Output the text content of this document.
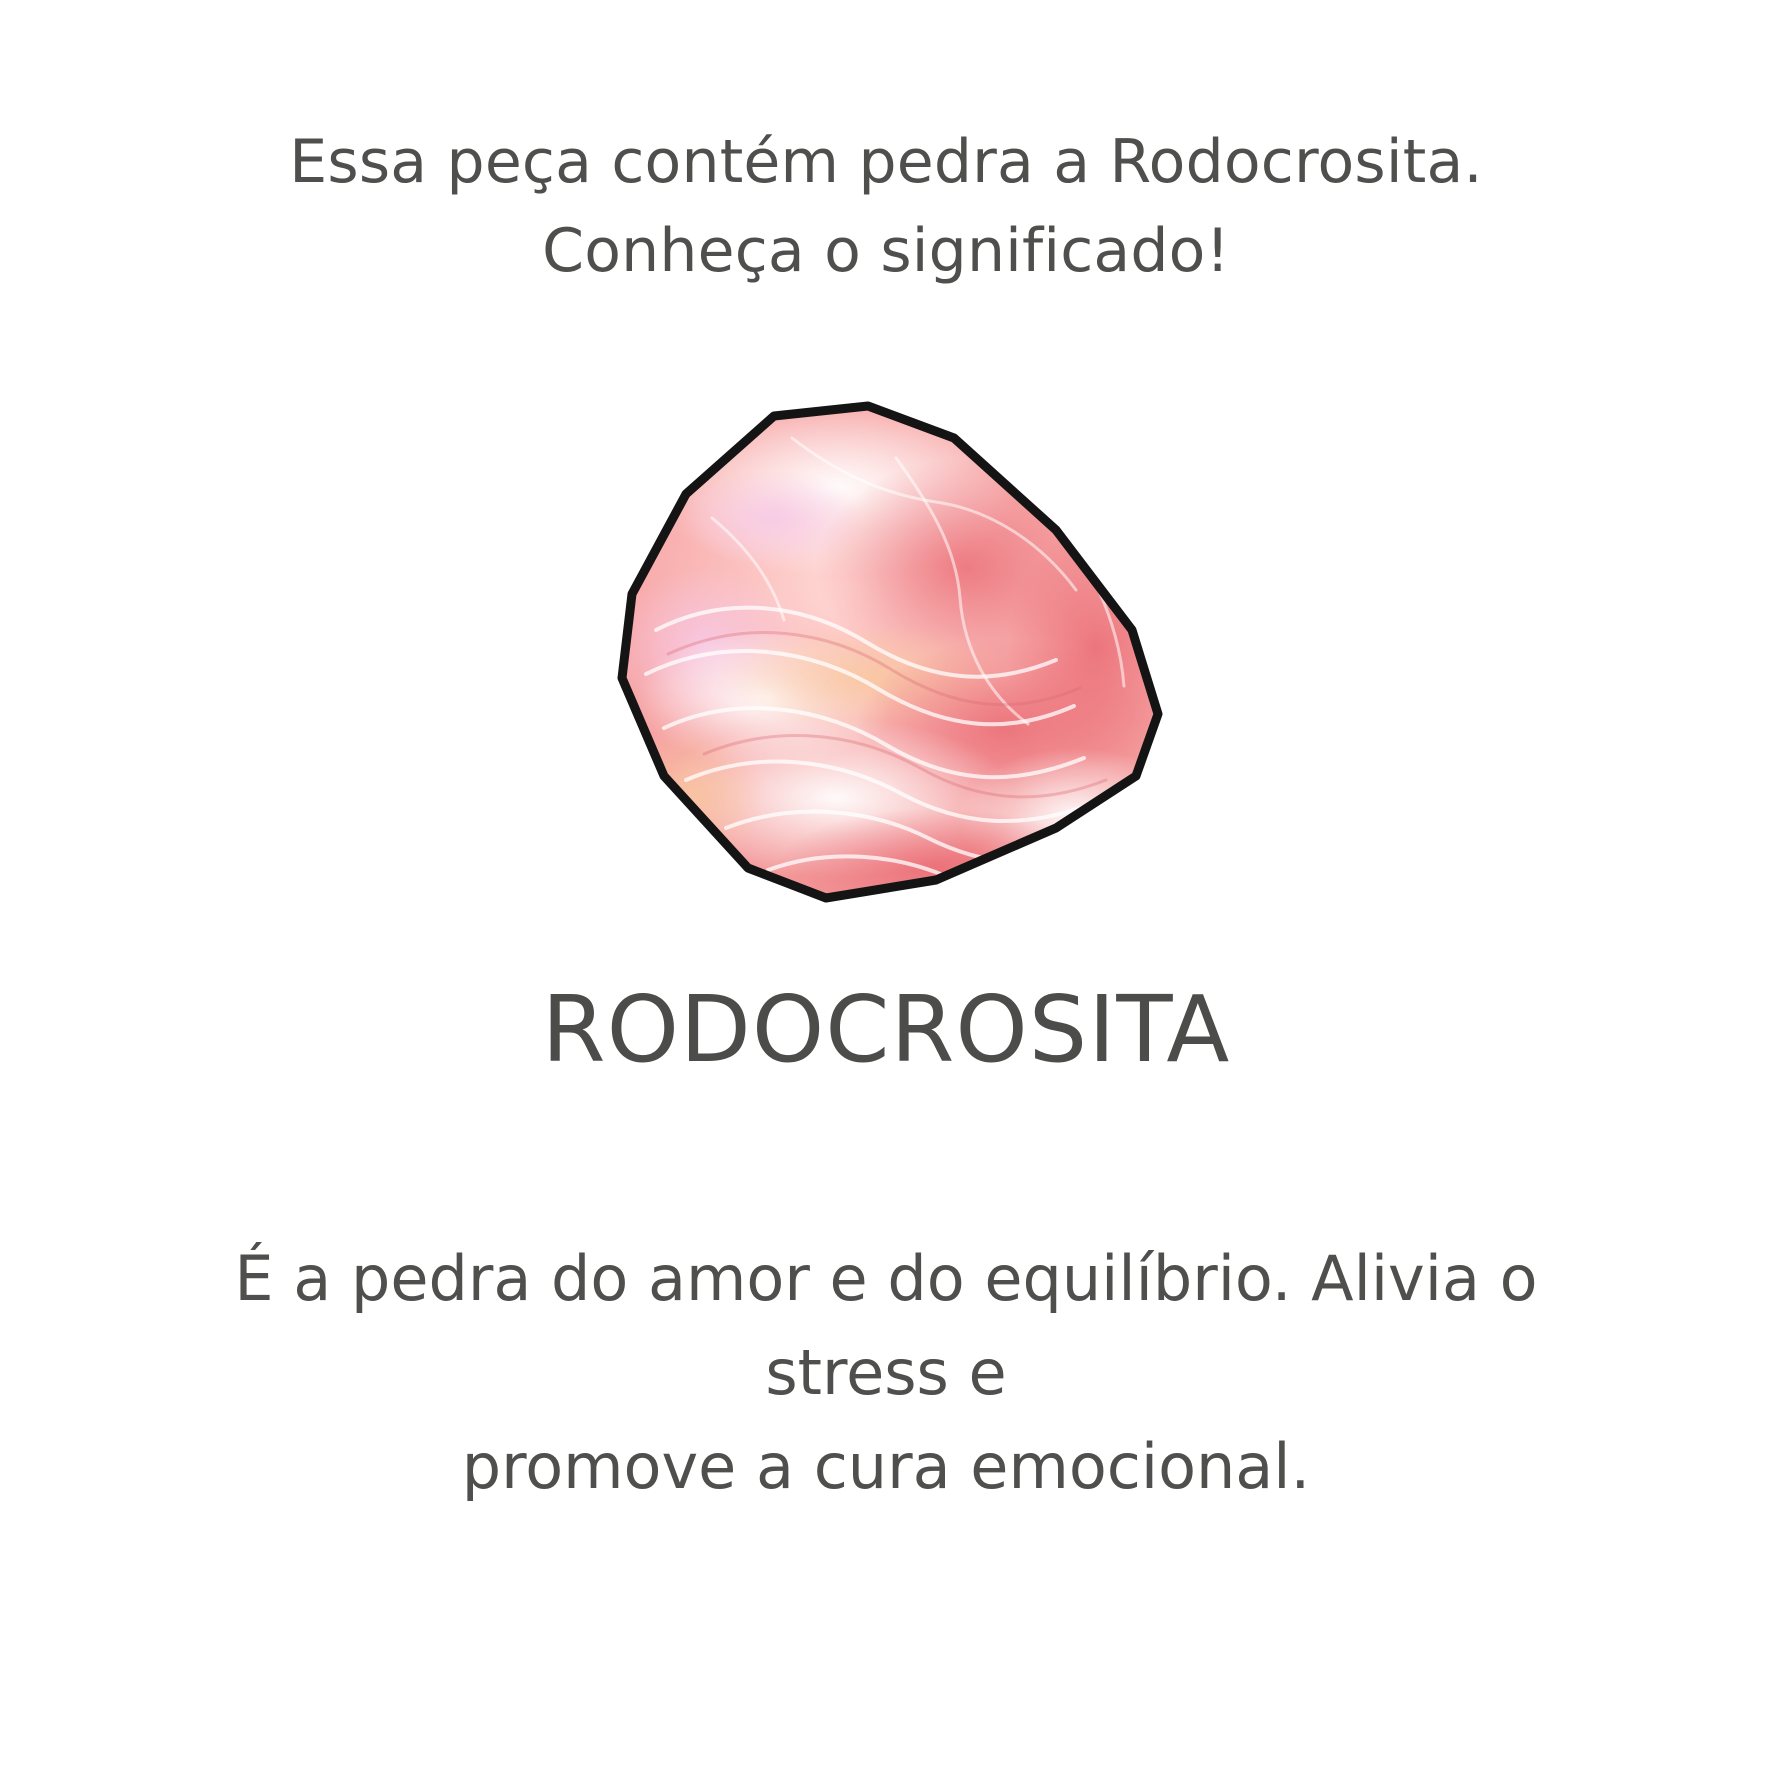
Essa peça contém pedra a Rodocrosita.
Conheça o significado!
RODOCROSITA
É a pedra do amor e do equilíbrio. Alivia o stress e
promove a cura emocional.
